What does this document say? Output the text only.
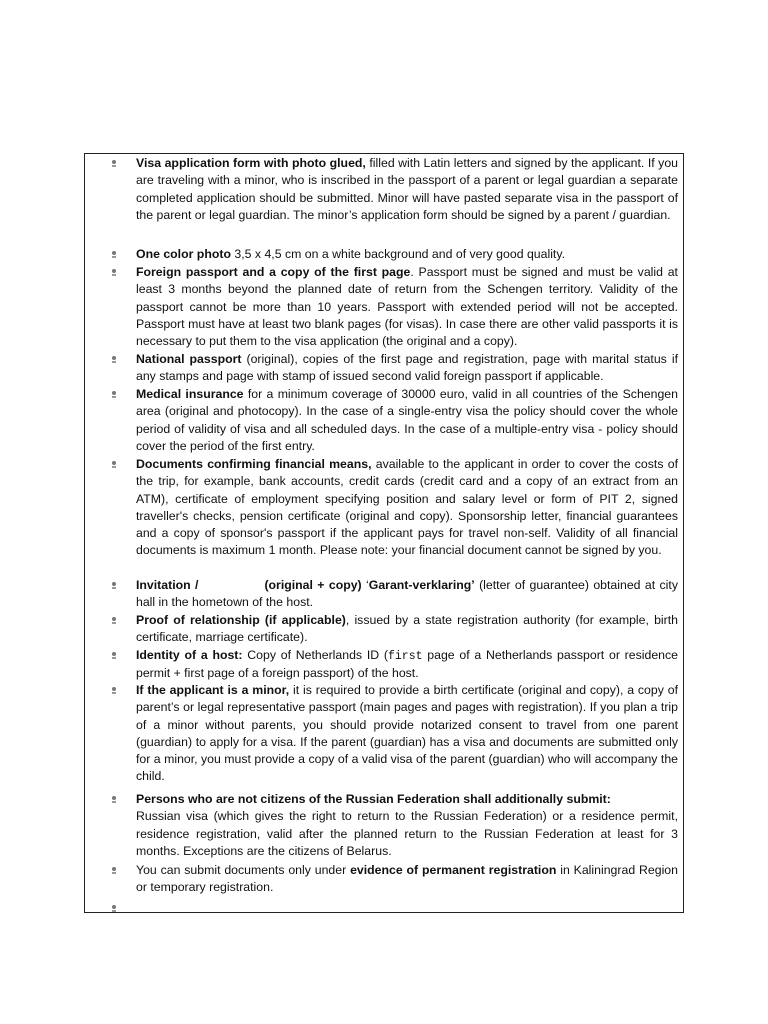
Visa application form with photo glued, filled with Latin letters and signed by the applicant. If you are traveling with a minor, who is inscribed in the passport of a parent or legal guardian a separate completed application should be submitted. Minor will have pasted separate visa in the passport of the parent or legal guardian. The minor’s application form should be signed by a parent / guardian.
One color photo 3,5 x 4,5 cm on a white background and of very good quality.
Foreign passport and a copy of the first page. Passport must be signed and must be valid at least 3 months beyond the planned date of return from the Schengen territory. Validity of the passport cannot be more than 10 years. Passport with extended period will not be accepted. Passport must have at least two blank pages (for visas). In case there are other valid passports it is necessary to put them to the visa application (the original and a copy).
National passport (original), copies of the first page and registration, page with marital status if any stamps and page with stamp of issued second valid foreign passport if applicable.
Medical insurance for a minimum coverage of 30000 euro, valid in all countries of the Schengen area (original and photocopy). In the case of a single-entry visa the policy should cover the whole period of validity of visa and all scheduled days. In the case of a multiple-entry visa - policy should cover the period of the first entry.
Documents confirming financial means, available to the applicant in order to cover the costs of the trip, for example, bank accounts, credit cards (credit card and a copy of an extract from an ATM), certificate of employment specifying position and salary level or form of PIT 2, signed traveller's checks, pension certificate (original and copy). Sponsorship letter, financial guarantees and a copy of sponsor's passport if the applicant pays for travel non-self. Validity of all financial documents is maximum 1 month. Please note: your financial document cannot be signed by you.
Invitation /	(original + copy) ‘Garant-verklaring’ (letter of guarantee) obtained at city hall in the hometown of the host.
Proof of relationship (if applicable), issued by a state registration authority (for example, birth certificate, marriage certificate).
Identity of a host: Copy of Netherlands ID (first page of a Netherlands passport or residence permit + first page of a foreign passport) of the host.
If the applicant is a minor, it is required to provide a birth certificate (original and copy), a copy of parent’s or legal representative passport (main pages and pages with registration). If you plan a trip of a minor without parents, you should provide notarized consent to travel from one parent (guardian) to apply for a visa. If the parent (guardian) has a visa and documents are submitted only for a minor, you must provide a copy of a valid visa of the parent (guardian) who will accompany the child.
Persons who are not citizens of the Russian Federation shall additionally submit:
Russian visa (which gives the right to return to the Russian Federation) or a residence permit, residence registration, valid after the planned return to the Russian Federation at least for 3 months. Exceptions are the citizens of Belarus.
You can submit documents only under evidence of permanent registration in Kaliningrad Region or temporary registration.
